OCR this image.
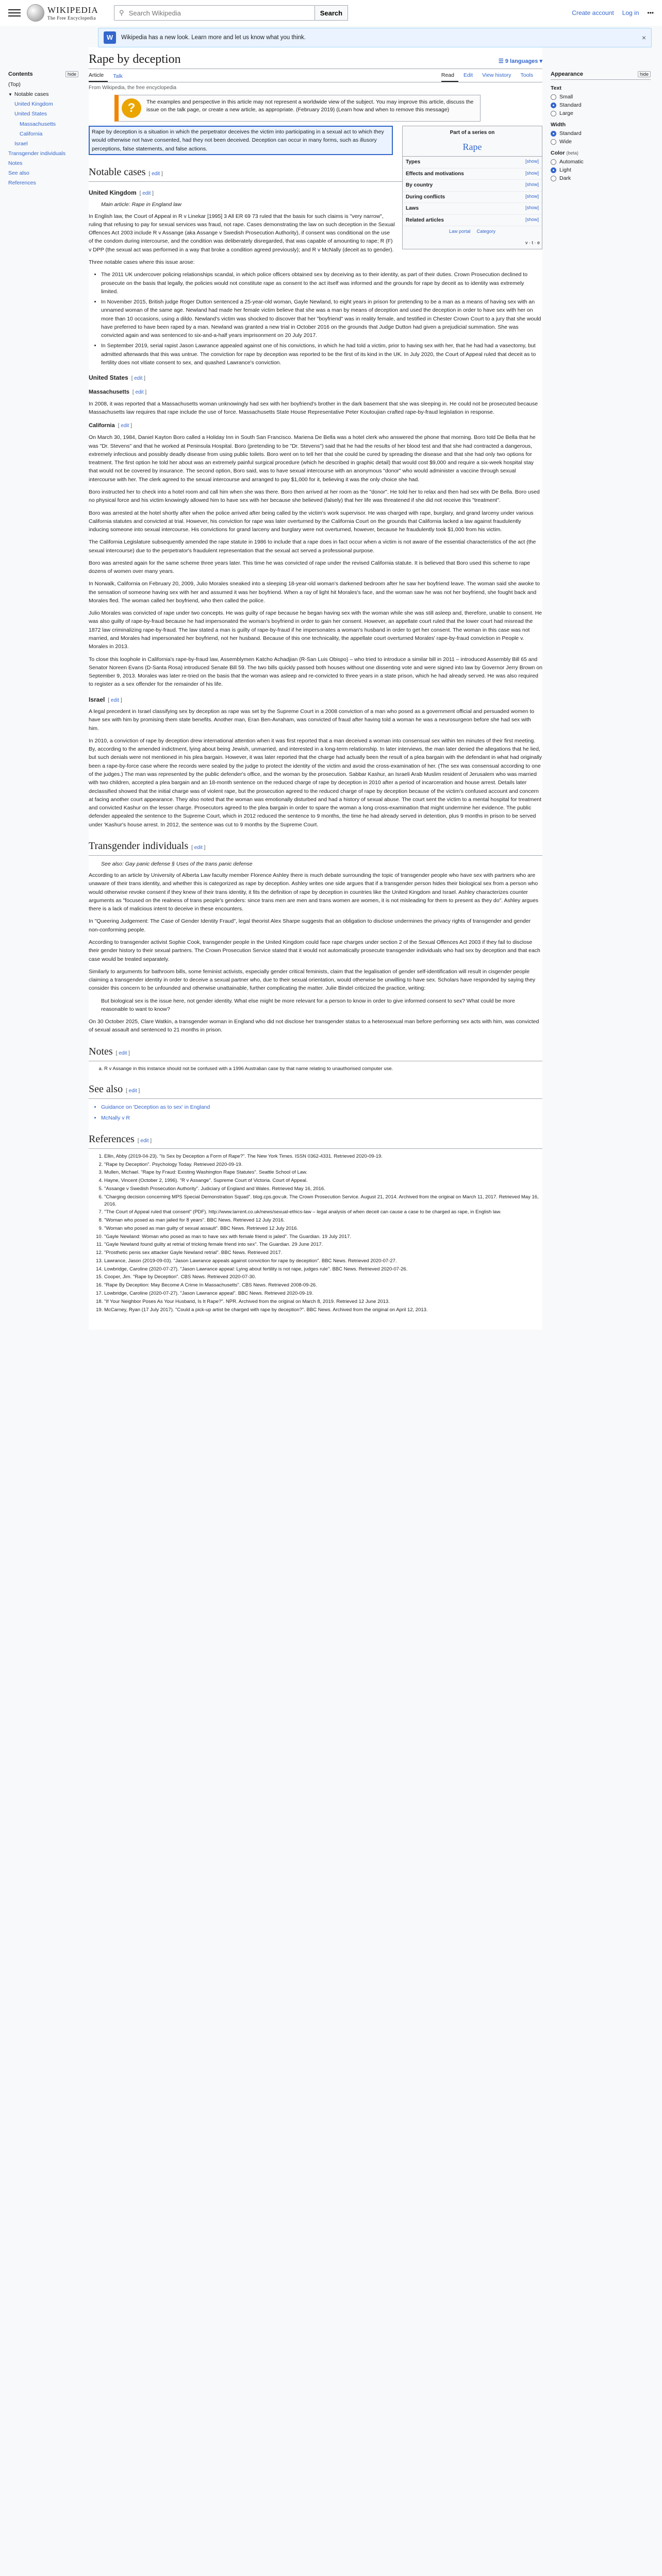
WIKIPEDIA
The Free Encyclopedia
⚲
Search Wikipedia	Search	Create account Log in •••
W	Wikipedia has a new look. Learn more and let us know what you think.	×
Contents	hide
(Top)
▼ Notable cases
United Kingdom
United States
Massachusetts
California
Israel
Transgender individuals
Notes
See also
References
Rape by deception	☰ 9 languages ▾
Article	Talk	Read	Edit	View history	Tools
From Wikipedia, the free encyclopedia
?	The examples and perspective in this article may not represent a worldwide view of the subject. You may improve this article, discuss the issue on the talk page, or create a new article, as appropriate. (February 2019) (Learn how and when to remove this message)
Part of a series on
Rape
Types	[show]
Effects and motivations	[show]
By country	[show]
During conflicts	[show]
Laws	[show]
Related articles	[show]
Law portal Category
v · t · e

Rape by deception is a situation in which the perpetrator deceives the victim into participating in a sexual act to which they would otherwise not have consented, had they not been deceived. Deception can occur in many forms, such as illusory perceptions, false statements, and false actions.

Notable cases [ edit ]
United Kingdom [ edit ]
Main article: Rape in England law

In English law, the Court of Appeal in R v Linekar [1995] 3 All ER 69 73 ruled that the basis for such claims is "very narrow", ruling that refusing to pay for sexual services was fraud, not rape. Cases demonstrating the law on such deception in the Sexual Offences Act 2003 include R v Assange (aka Assange v Swedish Prosecution Authority), if consent was conditional on the use of the condom during intercourse, and the condition was deliberately disregarded, that was capable of amounting to rape; R (F) v DPP (the sexual act was performed in a way that broke a condition agreed previously); and R v McNally (deceit as to gender).

Three notable cases where this issue arose:

• The 2011 UK undercover policing relationships scandal, in which police officers obtained sex by deceiving as to their identity, as part of their duties. Crown Prosecution declined to prosecute on the basis that legally, the policies would not constitute rape as consent to the act itself was informed and the grounds for rape by deceit as to identity was extremely limited.
• In November 2015, British judge Roger Dutton sentenced a 25-year-old woman, Gayle Newland, to eight years in prison for pretending to be a man as a means of having sex with an unnamed woman of the same age. Newland had made her female victim believe that she was a man by means of deception and used the deception in order to have sex with her on more than 10 occasions, using a dildo. Newland's victim was shocked to discover that her "boyfriend" was in reality female, and testified in Chester Crown Court to a jury that she would have preferred to have been raped by a man. Newland was granted a new trial in October 2016 on the grounds that Judge Dutton had given a prejudicial summation. She was convicted again and was sentenced to six-and-a-half years imprisonment on 20 July 2017.
• In September 2019, serial rapist Jason Lawrance appealed against one of his convictions, in which he had told a victim, prior to having sex with her, that he had had a vasectomy, but admitted afterwards that this was untrue. The conviction for rape by deception was reported to be the first of its kind in the UK. In July 2020, the Court of Appeal ruled that deceit as to fertility does not vitiate consent to sex, and quashed Lawrance's conviction.
United States [ edit ]
Massachusetts [ edit ]

In 2008, it was reported that a Massachusetts woman unknowingly had sex with her boyfriend's brother in the dark basement that she was sleeping in. He could not be prosecuted because Massachusetts law requires that rape include the use of force. Massachusetts State House Representative Peter Koutoujian crafted rape-by-fraud legislation in response.

California [ edit ]

On March 30, 1984, Daniel Kayton Boro called a Holiday Inn in South San Francisco. Mariena De Bella was a hotel clerk who answered the phone that morning. Boro told De Bella that he was "Dr. Stevens" and that he worked at Peninsula Hospital. Boro (pretending to be "Dr. Stevens") said that he had the results of her blood test and that she had contracted a dangerous, extremely infectious and possibly deadly disease from using public toilets. Boro went on to tell her that she could be cured by spreading the disease and that she had only two options for treatment. The first option he told her about was an extremely painful surgical procedure (which he described in graphic detail) that would cost $9,000 and require a six-week hospital stay that would not be covered by insurance. The second option, Boro said, was to have sexual intercourse with an anonymous "donor" who would administer a vaccine through sexual intercourse with her. The clerk agreed to the sexual intercourse and arranged to pay $1,000 for it, believing it was the only choice she had.

Boro instructed her to check into a hotel room and call him when she was there. Boro then arrived at her room as the "donor". He told her to relax and then had sex with De Bella. Boro used no physical force and his victim knowingly allowed him to have sex with her because she believed (falsely) that her life was threatened if she did not receive this "treatment".

Boro was arrested at the hotel shortly after when the police arrived after being called by the victim's work supervisor. He was charged with rape, burglary, and grand larceny under various California statutes and convicted at trial. However, his conviction for rape was later overturned by the California Court on the grounds that California lacked a law against fraudulently inducing someone into sexual intercourse. His convictions for grand larceny and burglary were not overturned, however, because he fraudulently took $1,000 from his victim.

The California Legislature subsequently amended the rape statute in 1986 to include that a rape does in fact occur when a victim is not aware of the essential characteristics of the act (the sexual intercourse) due to the perpetrator's fraudulent representation that the sexual act served a professional purpose.

Boro was arrested again for the same scheme three years later. This time he was convicted of rape under the revised California statute. It is believed that Boro used this scheme to rape dozens of women over many years.

In Norwalk, California on February 20, 2009, Julio Morales sneaked into a sleeping 18-year-old woman's darkened bedroom after he saw her boyfriend leave. The woman said she awoke to the sensation of someone having sex with her and assumed it was her boyfriend. When a ray of light hit Morales's face, and the woman saw he was not her boyfriend, she fought back and Morales fled. The woman called her boyfriend, who then called the police.

Julio Morales was convicted of rape under two concepts. He was guilty of rape because he began having sex with the woman while she was still asleep and, therefore, unable to consent. He was also guilty of rape-by-fraud because he had impersonated the woman's boyfriend in order to gain her consent. However, an appellate court ruled that the lower court had misread the 1872 law criminalizing rape-by-fraud. The law stated a man is guilty of rape-by-fraud if he impersonates a woman's husband in order to get her consent. The woman in this case was not married, and Morales had impersonated her boyfriend, not her husband. Because of this one technicality, the appellate court overturned Morales' rape-by-fraud conviction in People v. Morales in 2013.

To close this loophole in California's rape-by-fraud law, Assemblymen Katcho Achadjian (R-San Luis Obispo) – who tried to introduce a similar bill in 2011 – introduced Assembly Bill 65 and Senator Noreen Evans (D-Santa Rosa) introduced Senate Bill 59. The two bills quickly passed both houses without one dissenting vote and were signed into law by Governor Jerry Brown on September 9, 2013. Morales was later re-tried on the basis that the woman was asleep and re-convicted to three years in a state prison, which he had already served. He was also required to register as a sex offender for the remainder of his life.

Israel [ edit ]

A legal precedent in Israel classifying sex by deception as rape was set by the Supreme Court in a 2008 conviction of a man who posed as a government official and persuaded women to have sex with him by promising them state benefits. Another man, Eran Ben-Avraham, was convicted of fraud after having told a woman he was a neurosurgeon before she had sex with him.

In 2010, a conviction of rape by deception drew international attention when it was first reported that a man deceived a woman into consensual sex within ten minutes of their first meeting. By, according to the amended indictment, lying about being Jewish, unmarried, and interested in a long-term relationship. In later interviews, the man later denied the allegations that he lied, but such denials were not mentioned in his plea bargain. However, it was later reported that the charge had actually been the result of a plea bargain with the defendant in what had originally been a rape-by-force case where the records were sealed by the judge to protect the identity of the victim and avoid the cross-examination of her. (The sex was consensual according to one of the judges.) The man was represented by the public defender's office, and the woman by the prosecution. Sabbar Kashur, an Israeli Arab Muslim resident of Jerusalem who was married with two children, accepted a plea bargain and an 18-month sentence on the reduced charge of rape by deception in 2010 after a period of incarceration and house arrest. Details later declassified showed that the initial charge was of violent rape, but the prosecution agreed to the reduced charge of rape by deception because of the victim's confused account and concern at facing another court appearance. They also noted that the woman was emotionally disturbed and had a history of sexual abuse. The court sent the victim to a mental hospital for treatment and convicted Kashur on the lesser charge. Prosecutors agreed to the plea bargain in order to spare the woman a long cross-examination that might undermine her evidence. The public defender appealed the sentence to the Supreme Court, which in 2012 reduced the sentence to 9 months, the time he had already served in detention, plus 9 months in prison to be served under 'Kashur's house arrest. In 2012, the sentence was cut to 9 months by the Supreme Court.

Transgender individuals [ edit ]
See also: Gay panic defense § Uses of the trans panic defense

According to an article by University of Alberta Law faculty member Florence Ashley there is much debate surrounding the topic of transgender people who have sex with partners who are unaware of their trans identity, and whether this is categorized as rape by deception. Ashley writes one side argues that if a transgender person hides their biological sex from a person who would otherwise revoke consent if they knew of their trans identity, it fits the definition of rape by deception in countries like the United Kingdom and Israel. Ashley characterizes counter arguments as "focused on the realness of trans people's genders: since trans men are men and trans women are women, it is not misleading for them to present as they do". Ashley argues there is a lack of malicious intent to deceive in these encounters.

In "Queering Judgement: The Case of Gender Identity Fraud", legal theorist Alex Sharpe suggests that an obligation to disclose undermines the privacy rights of transgender and gender non-conforming people.

According to transgender activist Sophie Cook, transgender people in the United Kingdom could face rape charges under section 2 of the Sexual Offences Act 2003 if they fail to disclose their gender history to their sexual partners. The Crown Prosecution Service stated that it would not automatically prosecute transgender individuals who had sex by deception and that each case would be treated separately.

Similarly to arguments for bathroom bills, some feminist activists, especially gender critical feminists, claim that the legalisation of gender self-identification will result in cisgender people claiming a transgender identity in order to deceive a sexual partner who, due to their sexual orientation, would otherwise be unwilling to have sex. Scholars have responded by saying they consider this concern to be unfounded and otherwise unattainable, further complicating the matter. Julie Bindel criticized the practice, writing:

But biological sex is the issue here, not gender identity. What else might be more relevant for a person to know in order to give informed consent to sex? What could be more reasonable to want to know?

On 30 October 2025, Clare Watkin, a transgender woman in England who did not disclose her transgender status to a heterosexual man before performing sex acts with him, was convicted of sexual assault and sentenced to 21 months in prison.

Notes [ edit ]
a. R v Assange in this instance should not be confused with a 1996 Australian case by that name relating to unauthorised computer use.
See also [ edit ]
• Guidance on 'Deception as to sex' in England
• McNally v R
References [ edit ]
1. Ellin, Abby (2019-04-23). "Is Sex by Deception a Form of Rape?". The New York Times. ISSN 0362-4331. Retrieved 2020-09-19.
2. "Rape by Deception". Psychology Today. Retrieved 2020-09-19.
3. Mullen, Michael. "Rape by Fraud: Existing Washington Rape Statutes". Seattle School of Law.
4. Hayne, Vincent (October 2, 1996). "R v Assange". Supreme Court of Victoria. Court of Appeal.
5. "Assange v Swedish Prosecution Authority". Judiciary of England and Wales. Retrieved May 16, 2016.
6. "Charging decision concerning MPS Special Demonstration Squad". blog.cps.gov.uk. The Crown Prosecution Service. August 21, 2014. Archived from the original on March 11, 2017. Retrieved May 16, 2016.
7. "The Court of Appeal ruled that consent" (PDF). http://www.larrent.co.uk/news/sexual-ethics-law – legal analysis of when deceit can cause a case to be charged as rape, in English law.
8. "Woman who posed as man jailed for 8 years". BBC News. Retrieved 12 July 2016.
9. "Woman who posed as man guilty of sexual assault". BBC News. Retrieved 12 July 2016.
10. "Gayle Newland: Woman who posed as man to have sex with female friend is jailed". The Guardian. 19 July 2017.
11. "Gayle Newland found guilty at retrial of tricking female friend into sex". The Guardian. 29 June 2017.
12. "Prosthetic penis sex attacker Gayle Newland retrial". BBC News. Retrieved 2017.
13. Lawrance, Jason (2019-09-03). "Jason Lawrance appeals against conviction for rape by deception". BBC News. Retrieved 2020-07-27.
14. Lowbridge, Caroline (2020-07-27). "Jason Lawrance appeal: Lying about fertility is not rape, judges rule". BBC News. Retrieved 2020-07-26.
15. Cooper, Jim. "Rape by Deception". CBS News. Retrieved 2020-07-30.
16. "Rape By Deception: May Become A Crime In Massachusetts". CBS News. Retrieved 2008-09-26.
17. Lowbridge, Caroline (2020-07-27). "Jason Lawrance appeal". BBC News. Retrieved 2020-09-19.
18. "If Your Neighbor Poses As Your Husband, Is It Rape?". NPR. Archived from the original on March 8, 2019. Retrieved 12 June 2013.
19. McCarney, Ryan (17 July 2017). "Could a pick-up artist be charged with rape by deception?". BBC News. Archived from the original on April 12, 2013.
Appearance	hide
Text
Small
Standard
Large
Width
Standard
Wide
Color (beta)
Automatic
Light
Dark
